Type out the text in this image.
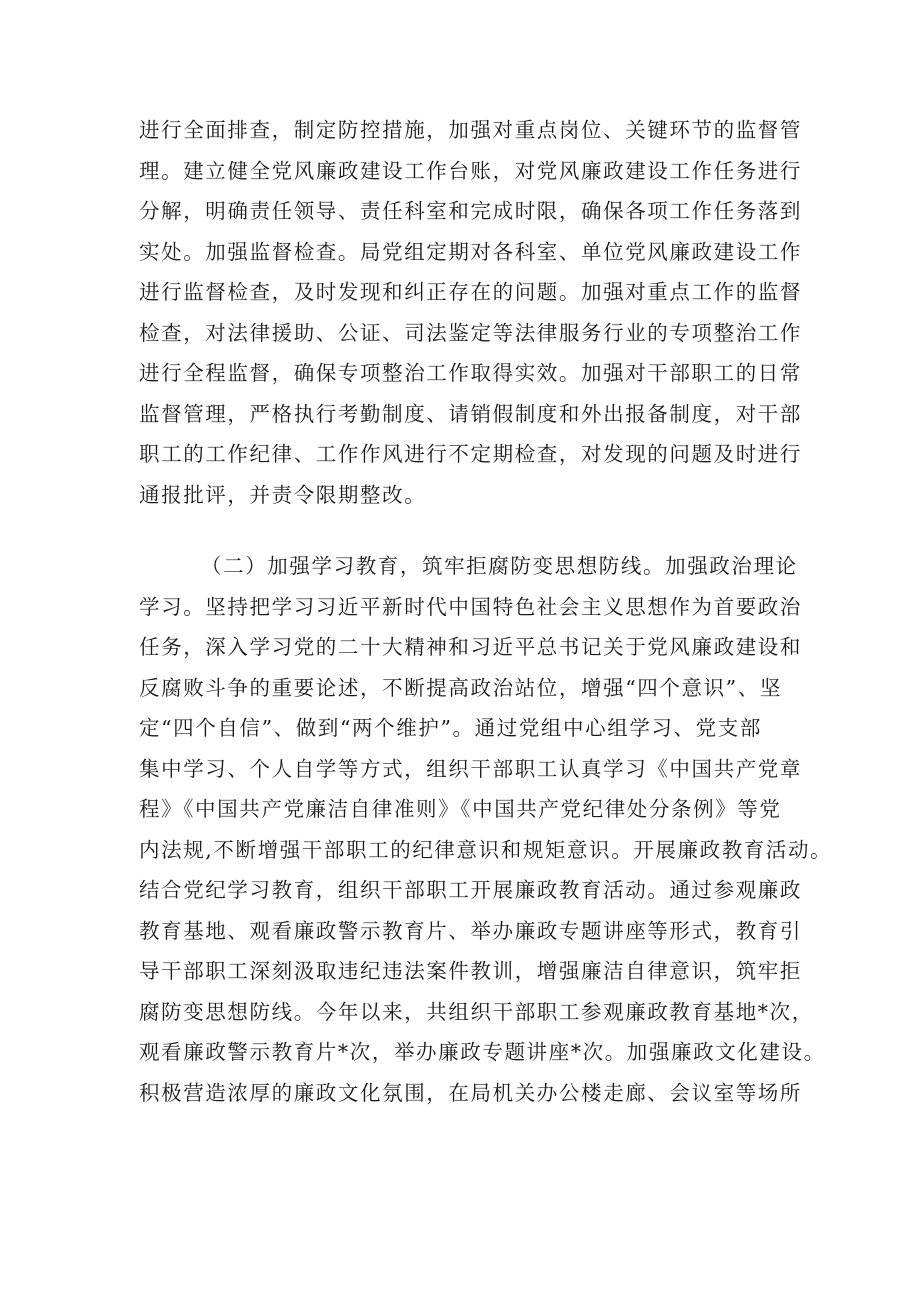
进行全面排查，制定防控措施，加强对重点岗位、关键环节的监督管
理。建立健全党风廉政建设工作台账，对党风廉政建设工作任务进行
分解，明确责任领导、责任科室和完成时限，确保各项工作任务落到
实处。加强监督检查。局党组定期对各科室、单位党风廉政建设工作
进行监督检查，及时发现和纠正存在的问题。加强对重点工作的监督
检查，对法律援助、公证、司法鉴定等法律服务行业的专项整治工作
进行全程监督，确保专项整治工作取得实效。加强对干部职工的日常
监督管理，严格执行考勤制度、请销假制度和外出报备制度，对干部
职工的工作纪律、工作作风进行不定期检查，对发现的问题及时进行
通报批评，并责令限期整改。
（二）加强学习教育，筑牢拒腐防变思想防线。加强政治理论
学习。坚持把学习习近平新时代中国特色社会主义思想作为首要政治
任务，深入学习党的二十大精神和习近平总书记关于党风廉政建设和
反腐败斗争的重要论述，不断提高政治站位，增强“四个意识”、坚
定“四个自信”、做到“两个维护”。通过党组中心组学习、党支部
集中学习、个人自学等方式，组织干部职工认真学习《中国共产党章
程》《中国共产党廉洁自律准则》《中国共产党纪律处分条例》等党
内法规,不断增强干部职工的纪律意识和规矩意识。开展廉政教育活动。
结合党纪学习教育，组织干部职工开展廉政教育活动。通过参观廉政
教育基地、观看廉政警示教育片、举办廉政专题讲座等形式，教育引
导干部职工深刻汲取违纪违法案件教训，增强廉洁自律意识，筑牢拒
腐防变思想防线。今年以来，共组织干部职工参观廉政教育基地*次，
观看廉政警示教育片*次，举办廉政专题讲座*次。加强廉政文化建设。
积极营造浓厚的廉政文化氛围，在局机关办公楼走廊、会议室等场所
